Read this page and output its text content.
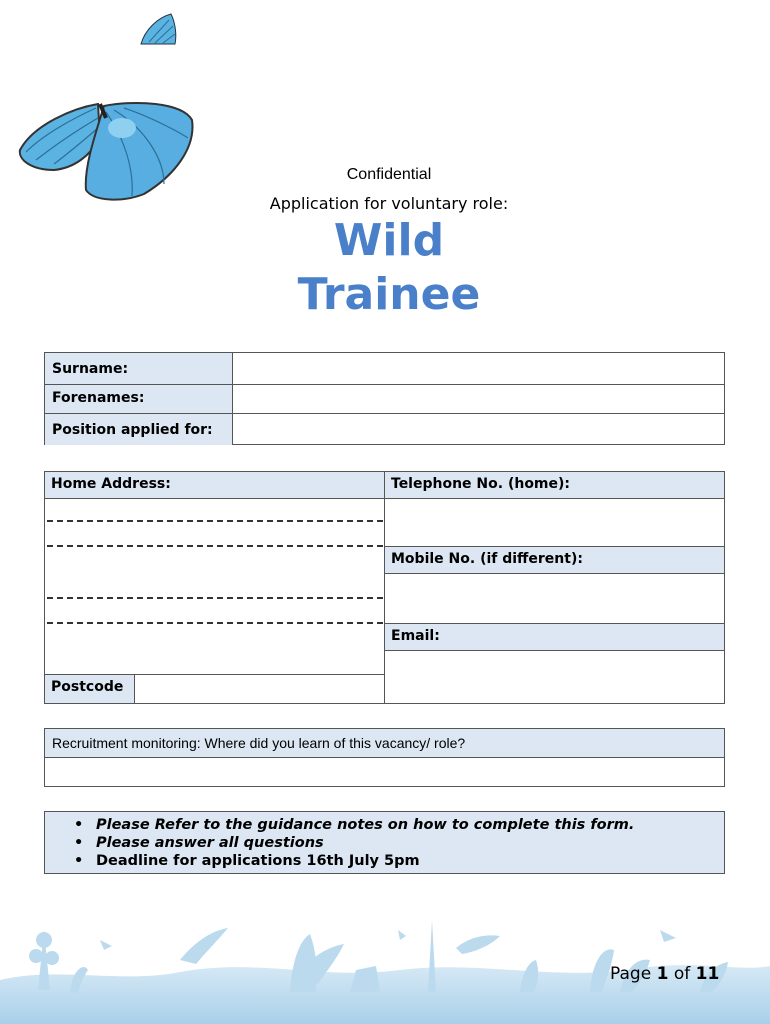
Confidential
Application for voluntary role:
Wild
Trainee
Surname:
Forenames:
Position applied for:
Home Address:
Postcode
Telephone No. (home):
Mobile No. (if different):
Email:
Recruitment monitoring: Where did you learn of this vacancy/ role?
• Please Refer to the guidance notes on how to complete this form.
• Please answer all questions
• Deadline for applications 16th July 5pm
Page 1 of 11
